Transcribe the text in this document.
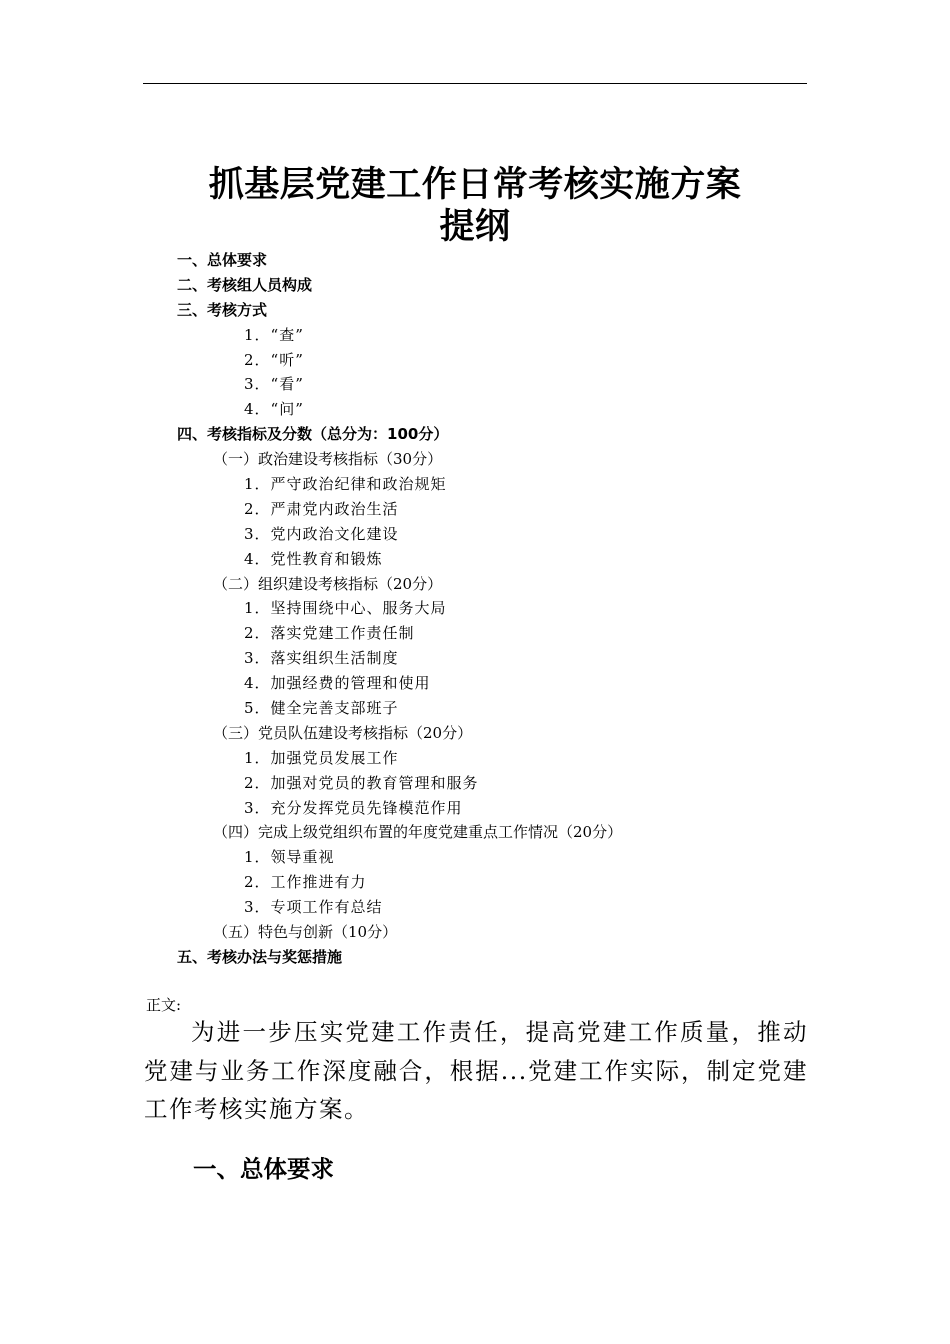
抓基层党建工作日常考核实施方案
提纲
一、总体要求
二、考核组人员构成
三、考核方式
1．“查”
2．“听”
3．“看”
4．“问”
四、考核指标及分数（总分为：100分）
（一）政治建设考核指标（30分）
1．严守政治纪律和政治规矩
2．严肃党内政治生活
3．党内政治文化建设
4．党性教育和锻炼
（二）组织建设考核指标（20分）
1．坚持围绕中心、服务大局
2．落实党建工作责任制
3．落实组织生活制度
4．加强经费的管理和使用
5．健全完善支部班子
（三）党员队伍建设考核指标（20分）
1．加强党员发展工作
2．加强对党员的教育管理和服务
3．充分发挥党员先锋模范作用
（四）完成上级党组织布置的年度党建重点工作情况（20分）
1．领导重视
2．工作推进有力
3．专项工作有总结
（五）特色与创新（10分）
五、考核办法与奖惩措施
正文:

为进一步压实党建工作责任，提高党建工作质量，推动党建与业务工作深度融合，根据...党建工作实际，制定党建工作考核实施方案。

一、总体要求
